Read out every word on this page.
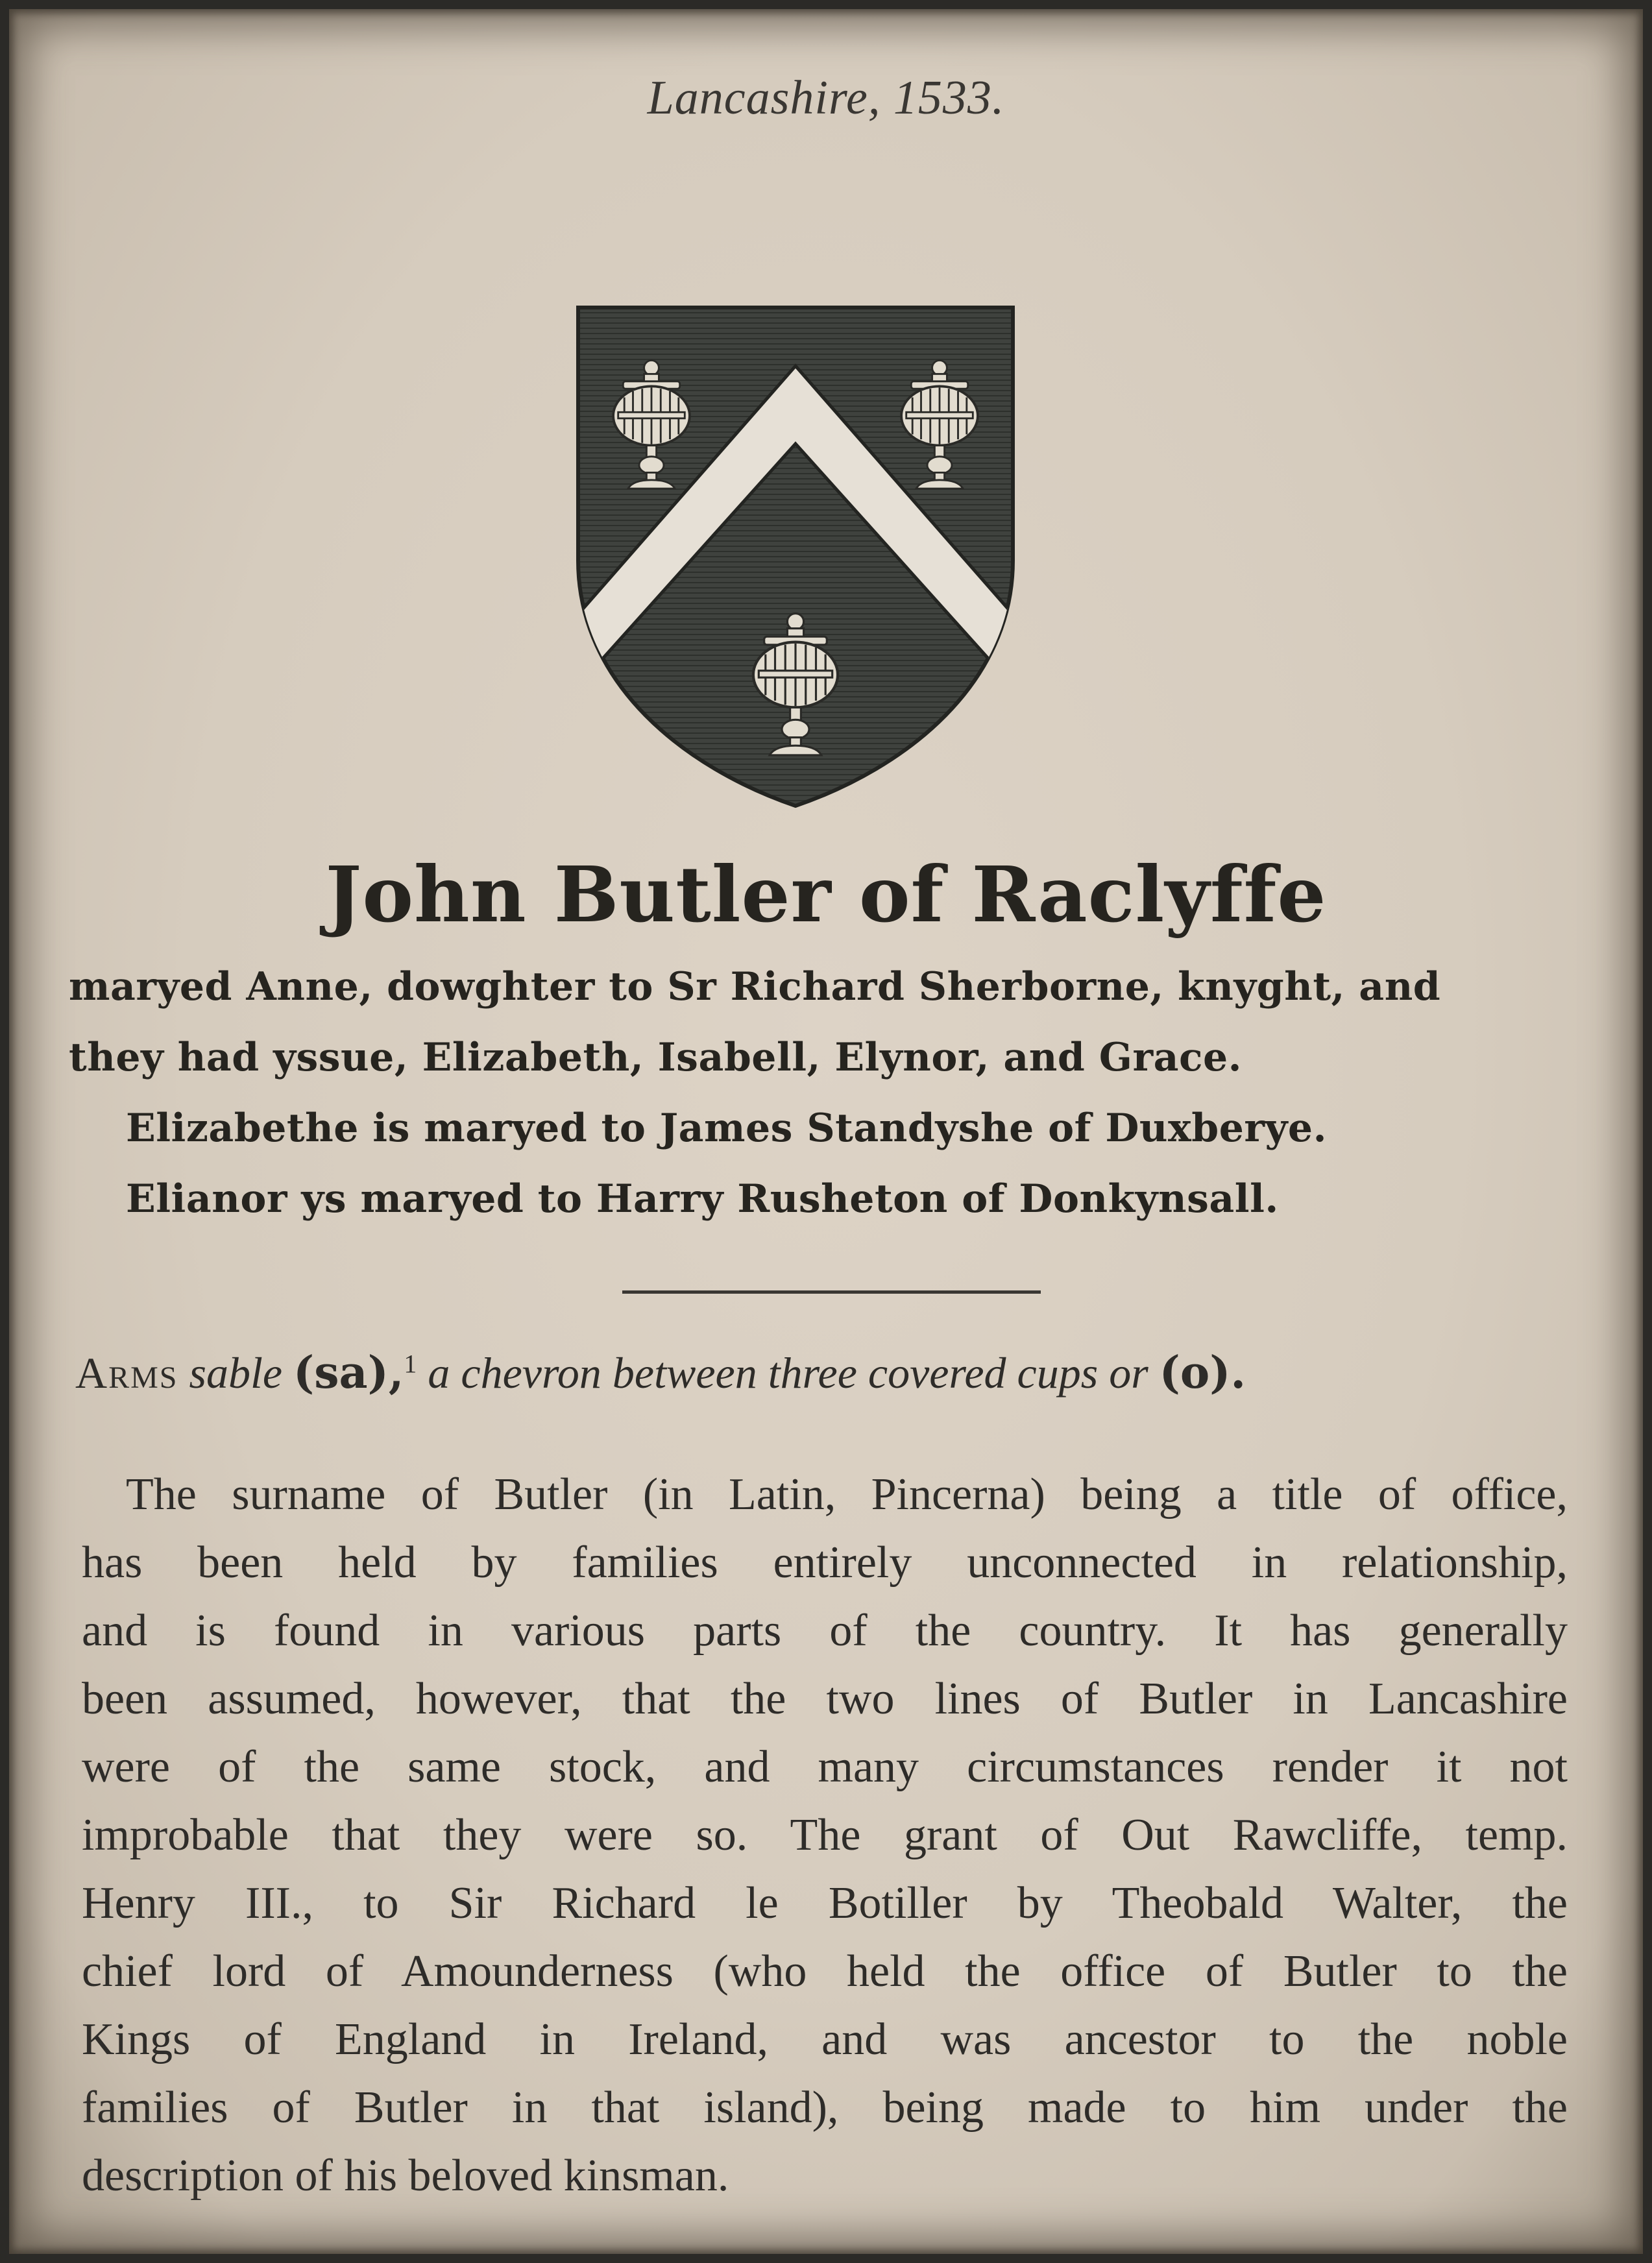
Lancashire, 1533.
John Butler of Raclyffe
maryed Anne, dowghter to Sr Richard Sherborne, knyght, and
they had yssue, Elizabeth, Isabell, Elynor, and Grace.
Elizabethe is maryed to James Standyshe of Duxberye.
Elianor ys maryed to Harry Rusheton of Donkynsall.
Arms sable (sa),$^1$ a chevron between three covered cups or (o).
The surname of Butler (in Latin, Pincerna) being a title of office,
has been held by families entirely unconnected in relationship,
and is found in various parts of the country. It has generally
been assumed, however, that the two lines of Butler in Lancashire
were of the same stock, and many circumstances render it not
improbable that they were so. The grant of Out Rawcliffe, temp.
Henry III., to Sir Richard le Botiller by Theobald Walter, the
chief lord of Amounderness (who held the office of Butler to the
Kings of England in Ireland, and was ancestor to the noble
families of Butler in that island), being made to him under the
description of his beloved kinsman.
